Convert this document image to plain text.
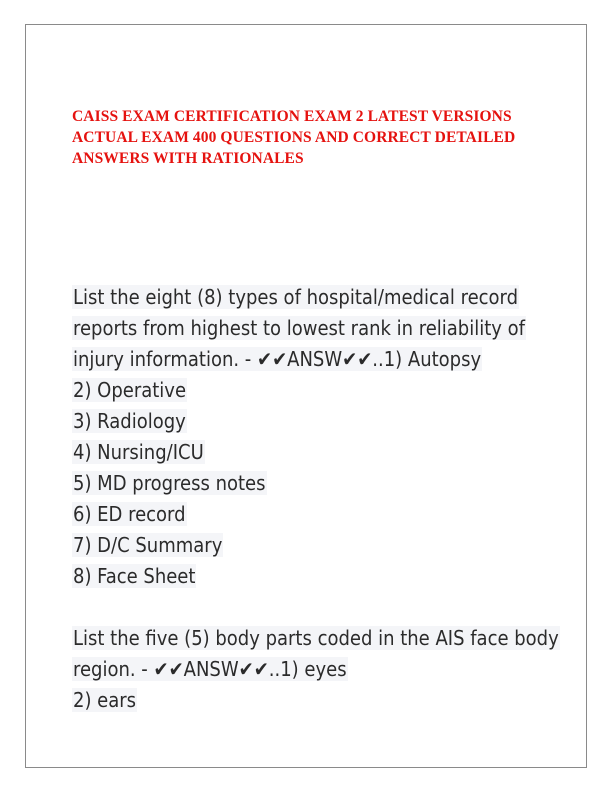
CAISS EXAM CERTIFICATION EXAM 2 LATEST VERSIONS ACTUAL EXAM 400 QUESTIONS AND CORRECT DETAILED ANSWERS WITH RATIONALES
List the eight (8) types of hospital/medical record
reports from highest to lowest rank in reliability of
injury information. - ✔✔ANSW✔✔..1) Autopsy
2) Operative
3) Radiology
4) Nursing/ICU
5) MD progress notes
6) ED record
7) D/C Summary
8) Face Sheet
List the five (5) body parts coded in the AIS face body
region. - ✔✔ANSW✔✔..1) eyes
2) ears
